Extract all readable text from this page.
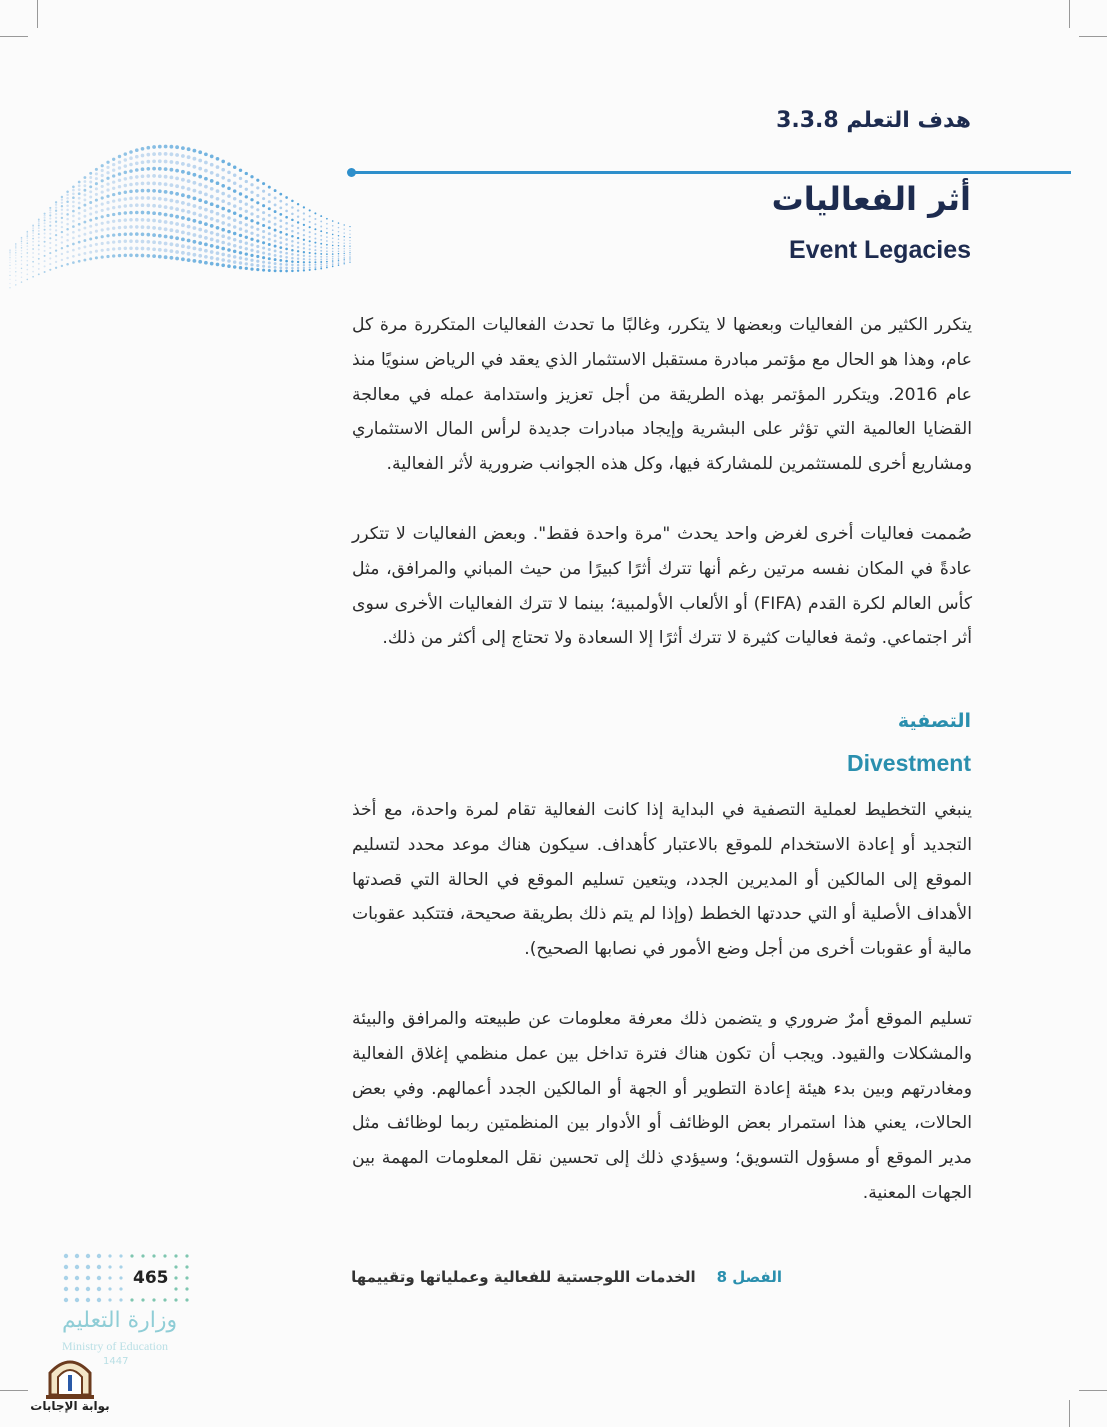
هدف التعلم 3.3.8
أثر الفعاليات
Event Legacies

يتكرر الكثير من الفعاليات وبعضها لا يتكرر، وغالبًا ما تحدث الفعاليات المتكررة مرة كل عام، وهذا هو الحال مع مؤتمر مبادرة مستقبل الاستثمار الذي يعقد في الرياض سنويًا منذ عام 2016. ويتكرر المؤتمر بهذه الطريقة من أجل تعزيز واستدامة عمله في معالجة القضايا العالمية التي تؤثر على البشرية وإيجاد مبادرات جديدة لرأس المال الاستثماري ومشاريع أخرى للمستثمرين للمشاركة فيها، وكل هذه الجوانب ضرورية لأثر الفعالية.

صُممت فعاليات أخرى لغرض واحد يحدث "مرة واحدة فقط". وبعض الفعاليات لا تتكرر عادةً في المكان نفسه مرتين رغم أنها تترك أثرًا كبيرًا من حيث المباني والمرافق، مثل كأس العالم لكرة القدم (FIFA) أو الألعاب الأولمبية؛ بينما لا تترك الفعاليات الأخرى سوى أثر اجتماعي. وثمة فعاليات كثيرة لا تترك أثرًا إلا السعادة ولا تحتاج إلى أكثر من ذلك.

التصفية
Divestment

ينبغي التخطيط لعملية التصفية في البداية إذا كانت الفعالية تقام لمرة واحدة، مع أخذ التجديد أو إعادة الاستخدام للموقع بالاعتبار كأهداف. سيكون هناك موعد محدد لتسليم الموقع إلى المالكين أو المديرين الجدد، ويتعين تسليم الموقع في الحالة التي قصدتها الأهداف الأصلية أو التي حددتها الخطط (وإذا لم يتم ذلك بطريقة صحيحة، فتتكبد عقوبات مالية أو عقوبات أخرى من أجل وضع الأمور في نصابها الصحيح).

تسليم الموقع أمرٌ ضروري و يتضمن ذلك معرفة معلومات عن طبيعته والمرافق والبيئة والمشكلات والقيود. ويجب أن تكون هناك فترة تداخل بين عمل منظمي إغلاق الفعالية ومغادرتهم وبين بدء هيئة إعادة التطوير أو الجهة أو المالكين الجدد أعمالهم. وفي بعض الحالات، يعني هذا استمرار بعض الوظائف أو الأدوار بين المنظمتين ربما لوظائف مثل مدير الموقع أو مسؤول التسويق؛ وسيؤدي ذلك إلى تحسين نقل المعلومات المهمة بين الجهات المعنية.

الفصل 8    الخدمات اللوجستية للفعالية وعملياتها وتقييمها
465
وزارة التعليم
Ministry of Education
1447
بوابة الإجابات
